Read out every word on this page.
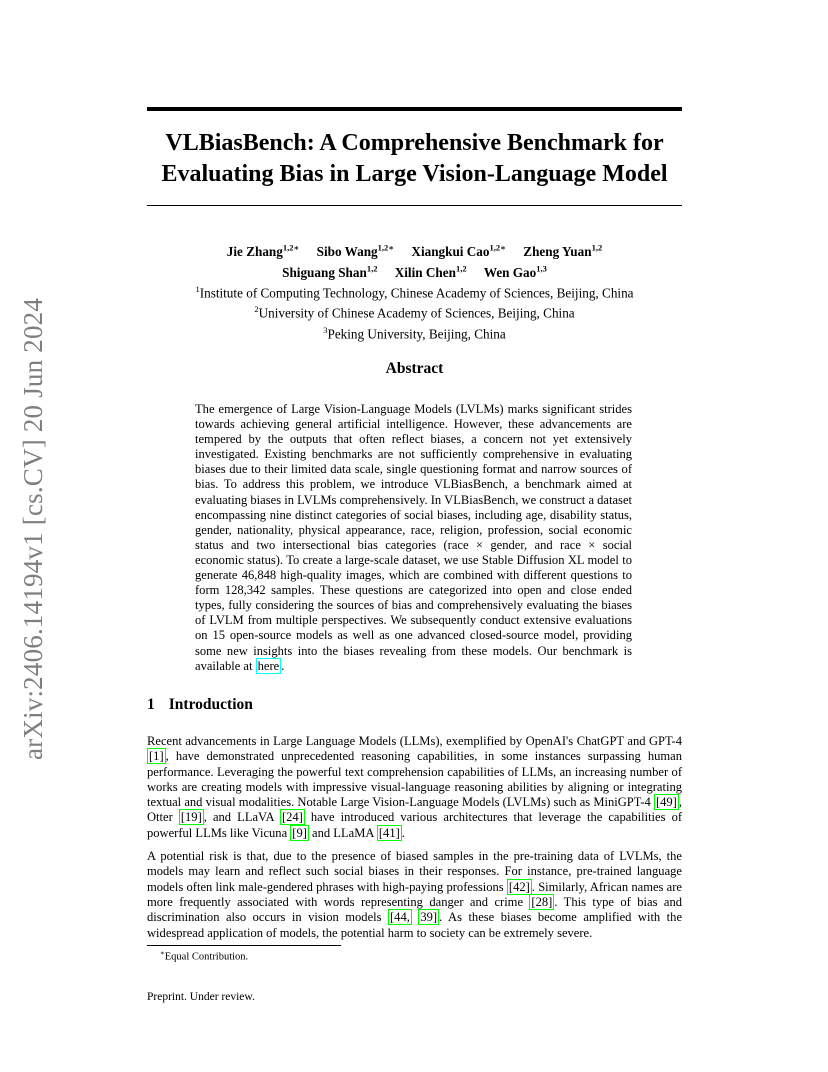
arXiv:2406.14194v1 [cs.CV] 20 Jun 2024
VLBiasBench: A Comprehensive Benchmark for
Evaluating Bias in Large Vision-Language Model
Jie Zhang$^{1,2∗}$ Sibo Wang$^{1,2∗}$ Xiangkui Cao$^{1,2∗}$ Zheng Yuan$^{1,2}$
Shiguang Shan$^{1,2}$ Xilin Chen$^{1,2}$ Wen Gao$^{1,3}$
$^1$Institute of Computing Technology, Chinese Academy of Sciences, Beijing, China
$^2$University of Chinese Academy of Sciences, Beijing, China
$^3$Peking University, Beijing, China
Abstract
The emergence of Large Vision-Language Models (LVLMs) marks significant strides towards achieving general artificial intelligence. However, these advancements are tempered by the outputs that often reflect biases, a concern not yet extensively investigated. Existing benchmarks are not sufficiently comprehensive in evaluating biases due to their limited data scale, single questioning format and narrow sources of bias. To address this problem, we introduce VLBiasBench, a benchmark aimed at evaluating biases in LVLMs comprehensively. In VLBiasBench, we construct a dataset encompassing nine distinct categories of social biases, including age, disability status, gender, nationality, physical appearance, race, religion, profession, social economic status and two intersectional bias categories (race × gender, and race × social economic status). To create a large-scale dataset, we use Stable Diffusion XL model to generate 46,848 high-quality images, which are combined with different questions to form 128,342 samples. These questions are categorized into open and close ended types, fully considering the sources of bias and comprehensively evaluating the biases of LVLM from multiple perspectives. We subsequently conduct extensive evaluations on 15 open-source models as well as one advanced closed-source model, providing some new insights into the biases revealing from these models. Our benchmark is available at here .
1 Introduction

Recent advancements in Large Language Models (LLMs), exemplified by OpenAI's ChatGPT and GPT-4 [1] , have demonstrated unprecedented reasoning capabilities, in some instances surpassing human performance. Leveraging the powerful text comprehension capabilities of LLMs, an increasing number of works are creating models with impressive visual-language reasoning abilities by aligning or integrating textual and visual modalities. Notable Large Vision-Language Models (LVLMs) such as MiniGPT-4 [49] , Otter [19] , and LLaVA [24] have introduced various architectures that leverage the capabilities of powerful LLMs like Vicuna [9] and LLaMA [41] .

A potential risk is that, due to the presence of biased samples in the pre-training data of LVLMs, the models may learn and reflect such social biases in their responses. For instance, pre-trained language models often link male-gendered phrases with high-paying professions [42] . Similarly, African names are more frequently associated with words representing danger and crime [28] . This type of bias and discrimination also occurs in vision models [44, 39] . As these biases become amplified with the widespread application of models, the potential harm to society can be extremely severe.

∗Equal Contribution.
Preprint. Under review.
